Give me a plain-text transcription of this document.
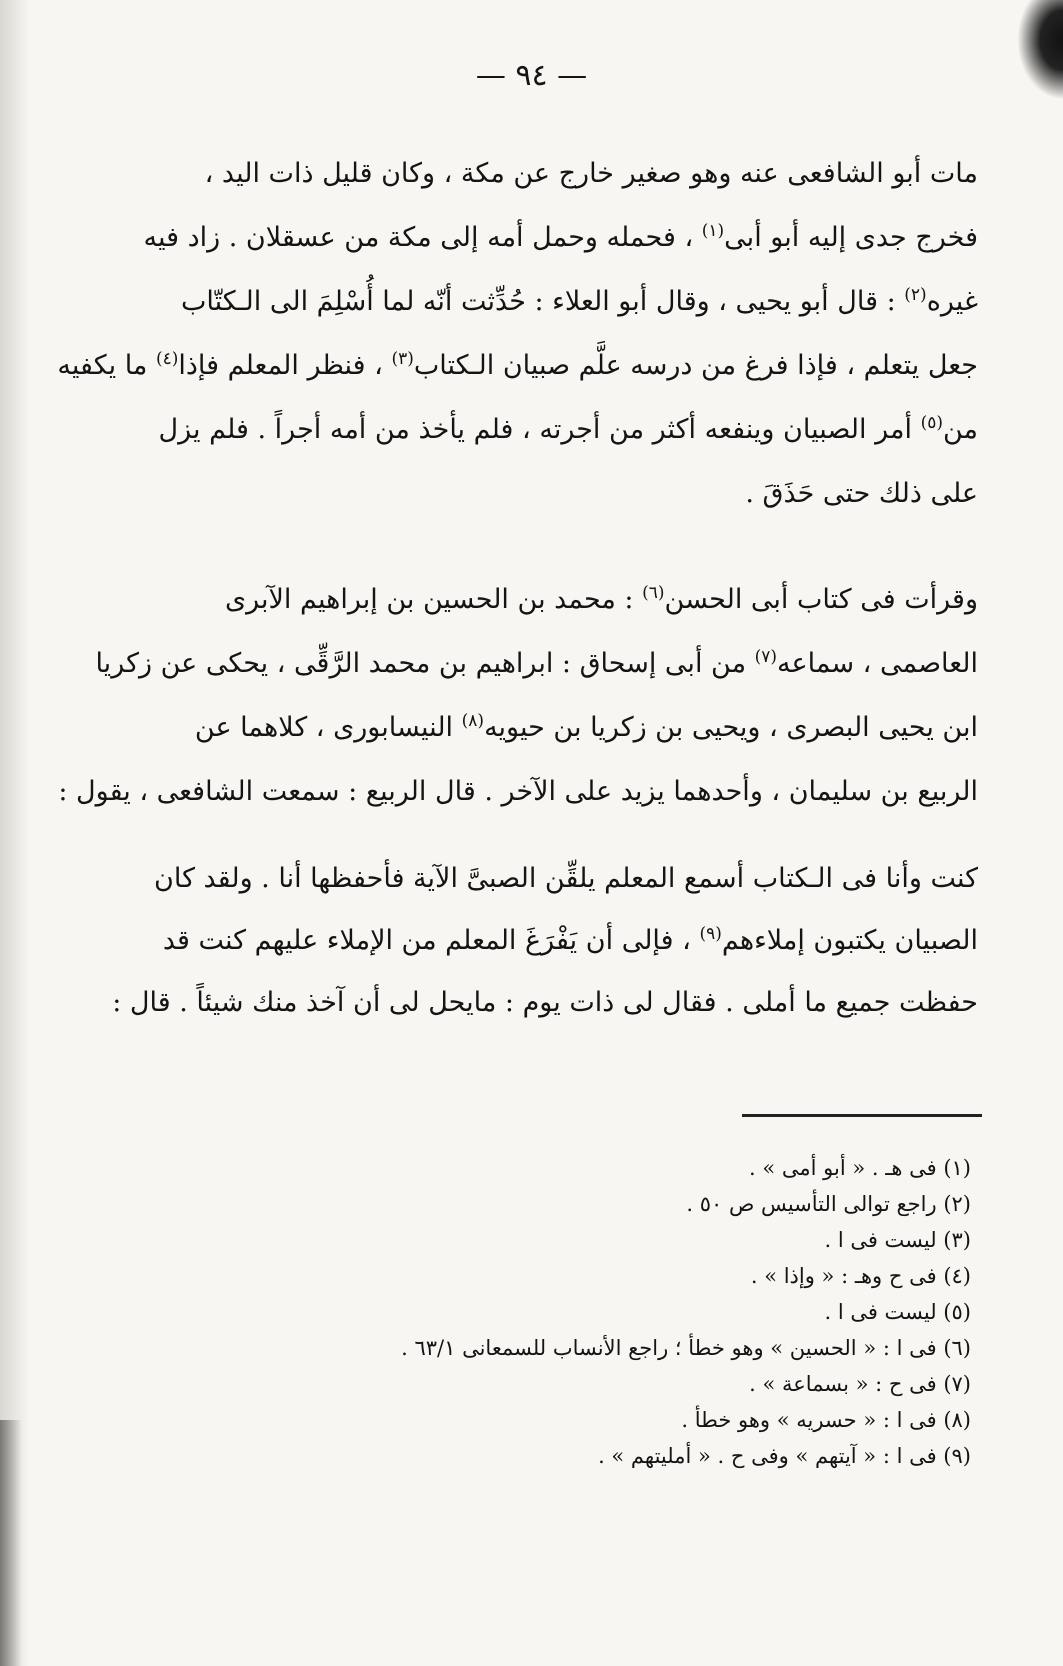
— ٩٤ —
مات أبو الشافعى عنه وهو صغير خارج عن مكة ، وكان قليل ذات اليد ،
فخرج جدى إليه أبو أبى$^{(١)}$ ، فحمله وحمل أمه إلى مكة من عسقلان . زاد فيه
غيره$^{(٢)}$ : قال أبو يحيى ، وقال أبو العلاء : حُدِّثت أنّه لما أُسْلِمَ الى الـكتّاب
جعل يتعلم ، فإذا فرغ من درسه علَّم صبيان الـكتاب$^{(٣)}$ ، فنظر المعلم فإذا$^{(٤)}$ ما يكفيه
من$^{(٥)}$ أمر الصبيان وينفعه أكثر من أجرته ، فلم يأخذ من أمه أجراً . فلم يزل
على ذلك حتى حَذَقَ .
وقرأت فى كتاب أبى الحسن$^{(٦)}$ : محمد بن الحسين بن إبراهيم الآبرى
العاصمى ، سماعه$^{(٧)}$ من أبى إسحاق : ابراهيم بن محمد الرَّقِّى ، يحكى عن زكريا
ابن يحيى البصرى ، ويحيى بن زكريا بن حيويه$^{(٨)}$ النيسابورى ، كلاهما عن
الربيع بن سليمان ، وأحدهما يزيد على الآخر . قال الربيع : سمعت الشافعى ، يقول :
كنت وأنا فى الـكتاب أسمع المعلم يلقِّن الصبىَّ الآية فأحفظها أنا . ولقد كان
الصبيان يكتبون إملاءهم$^{(٩)}$ ، فإلى أن يَفْرَغَ المعلم من الإملاء عليهم كنت قد
حفظت جميع ما أملى . فقال لى ذات يوم : مايحل لى أن آخذ منك شيئاً . قال :
(١) فى هـ . « أبو أمى » .
(٢) راجع توالى التأسيس ص ٥٠ .
(٣) ليست فى ا .
(٤) فى ح وهـ : « وإذا » .
(٥) ليست فى ا .
(٦) فى ا : « الحسين » وهو خطأ ؛ راجع الأنساب للسمعانى ٦٣/١ .
(٧) فى ح : « بسماعة » .
(٨) فى ا : « حسريه » وهو خطأ .
(٩) فى ا : « آيتهم » وفى ح . « أمليتهم » .
